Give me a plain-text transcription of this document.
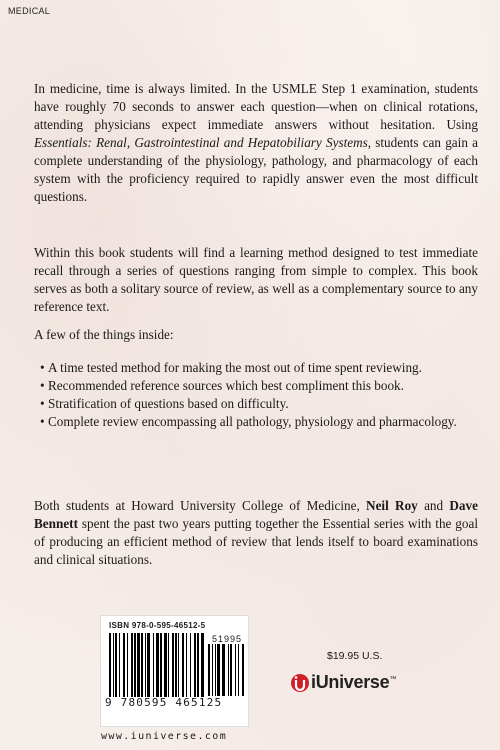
MEDICAL

In medicine, time is always limited. In the USMLE Step 1 examination, students have roughly 70 seconds to answer each question—when on clinical rotations, attending physicians expect immediate answers without hesitation. Using Essentials: Renal, Gastrointestinal and Hepatobiliary Systems, students can gain a complete understanding of the physiology, pathology, and pharmacology of each system with the proficiency required to rapidly answer even the most difficult questions.

Within this book students will find a learning method designed to test immediate recall through a series of questions ranging from simple to complex. This book serves as both a solitary source of review, as well as a complementary source to any reference text.

A few of the things inside:

• A time tested method for making the most out of time spent reviewing.
• Recommended reference sources which best compliment this book.
• Stratification of questions based on difficulty.
• Complete review encompassing all pathology, physiology and pharmacology.

Both students at Howard University College of Medicine, Neil Roy and Dave Bennett spent the past two years putting together the Essential series with the goal of producing an efficient method of review that lends itself to board examinations and clinical situations.

ISBN 978-0-595-46512-5
51995
9 780595 465125
www.iuniverse.com
$19.95 U.S.
iUniverse™
